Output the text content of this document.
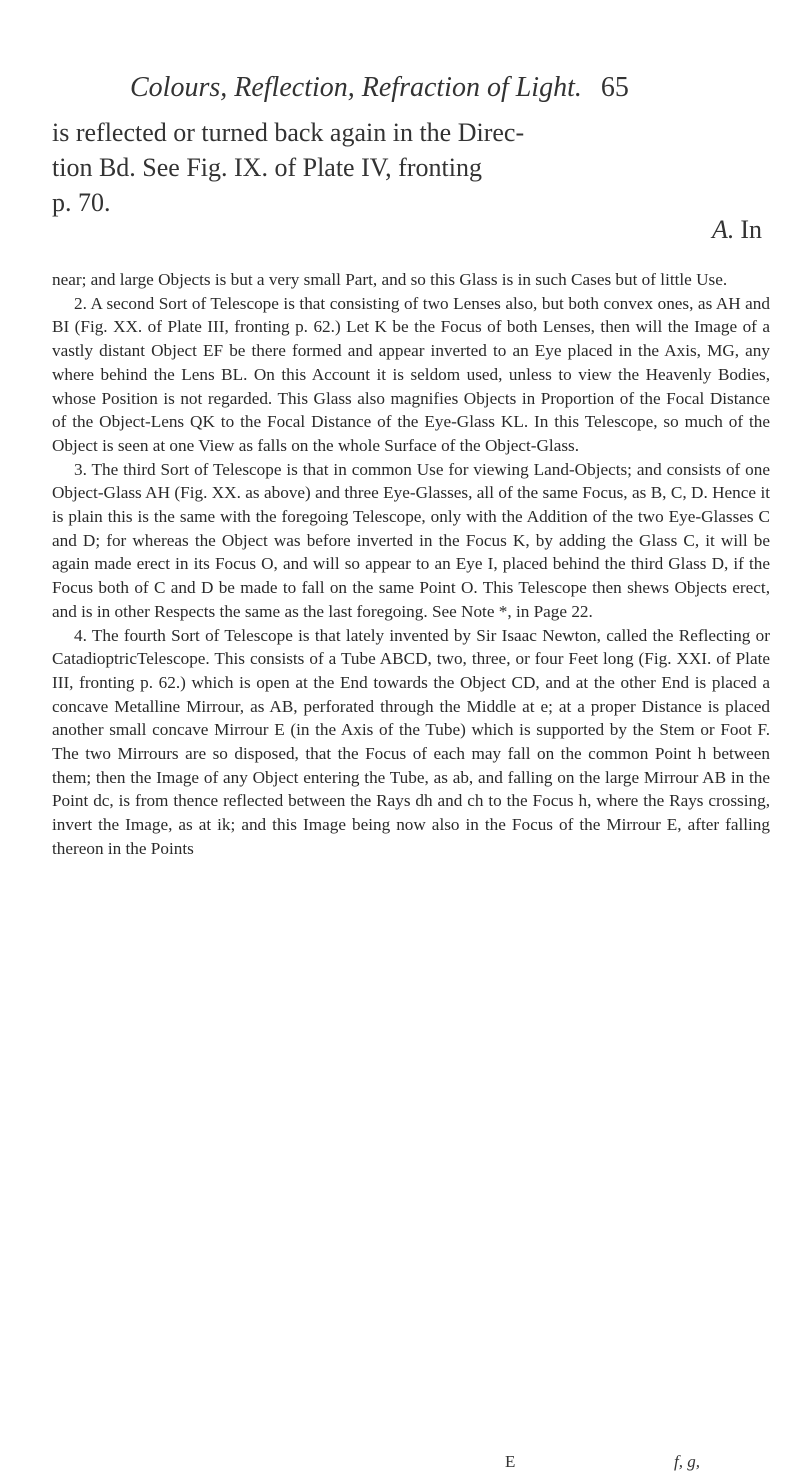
Colours, Reflection, Refraction of Light. 65
is reflected or turned back again in the Direc-
tion Bd. See Fig. IX. of Plate IV, fronting
p. 70.
A. In

near; and large Objects is but a very small Part, and so this Glass is in such Cases but of little Use.

2. A second Sort of Telescope is that consisting of two Lenses also, but both convex ones, as AH and BI (Fig. XX. of Plate III, fronting p. 62.) Let K be the Focus of both Lenses, then will the Image of a vastly distant Object EF be there formed and appear inverted to an Eye placed in the Axis, MG, any where behind the Lens BL. On this Account it is seldom used, unless to view the Heavenly Bodies, whose Position is not regarded. This Glass also magnifies Objects in Proportion of the Focal Distance of the Object-Lens QK to the Focal Distance of the Eye-Glass KL. In this Telescope, so much of the Object is seen at one View as falls on the whole Surface of the Object-Glass.

3. The third Sort of Telescope is that in common Use for viewing Land-Objects; and consists of one Object-Glass AH (Fig. XX. as above) and three Eye-Glasses, all of the same Focus, as B, C, D. Hence it is plain this is the same with the foregoing Telescope, only with the Addition of the two Eye-Glasses C and D; for whereas the Object was before inverted in the Focus K, by adding the Glass C, it will be again made erect in its Focus O, and will so appear to an Eye I, placed behind the third Glass D, if the Focus both of C and D be made to fall on the same Point O. This Telescope then shews Objects erect, and is in other Respects the same as the last foregoing. See Note *, in Page 22.

4. The fourth Sort of Telescope is that lately invented by Sir Isaac Newton, called the Reflecting or CatadioptricTelescope. This consists of a Tube ABCD, two, three, or four Feet long (Fig. XXI. of Plate III, fronting p. 62.) which is open at the End towards the Object CD, and at the other End is placed a concave Metalline Mirrour, as AB, perforated through the Middle at e; at a proper Distance is placed another small concave Mirrour E (in the Axis of the Tube) which is supported by the Stem or Foot F. The two Mirrours are so disposed, that the Focus of each may fall on the common Point h between them; then the Image of any Object entering the Tube, as ab, and falling on the large Mirrour AB in the Point dc, is from thence reflected between the Rays dh and ch to the Focus h, where the Rays crossing, invert the Image, as at ik; and this Image being now also in the Focus of the Mirrour E, after falling thereon in the Points

E	f, g,
